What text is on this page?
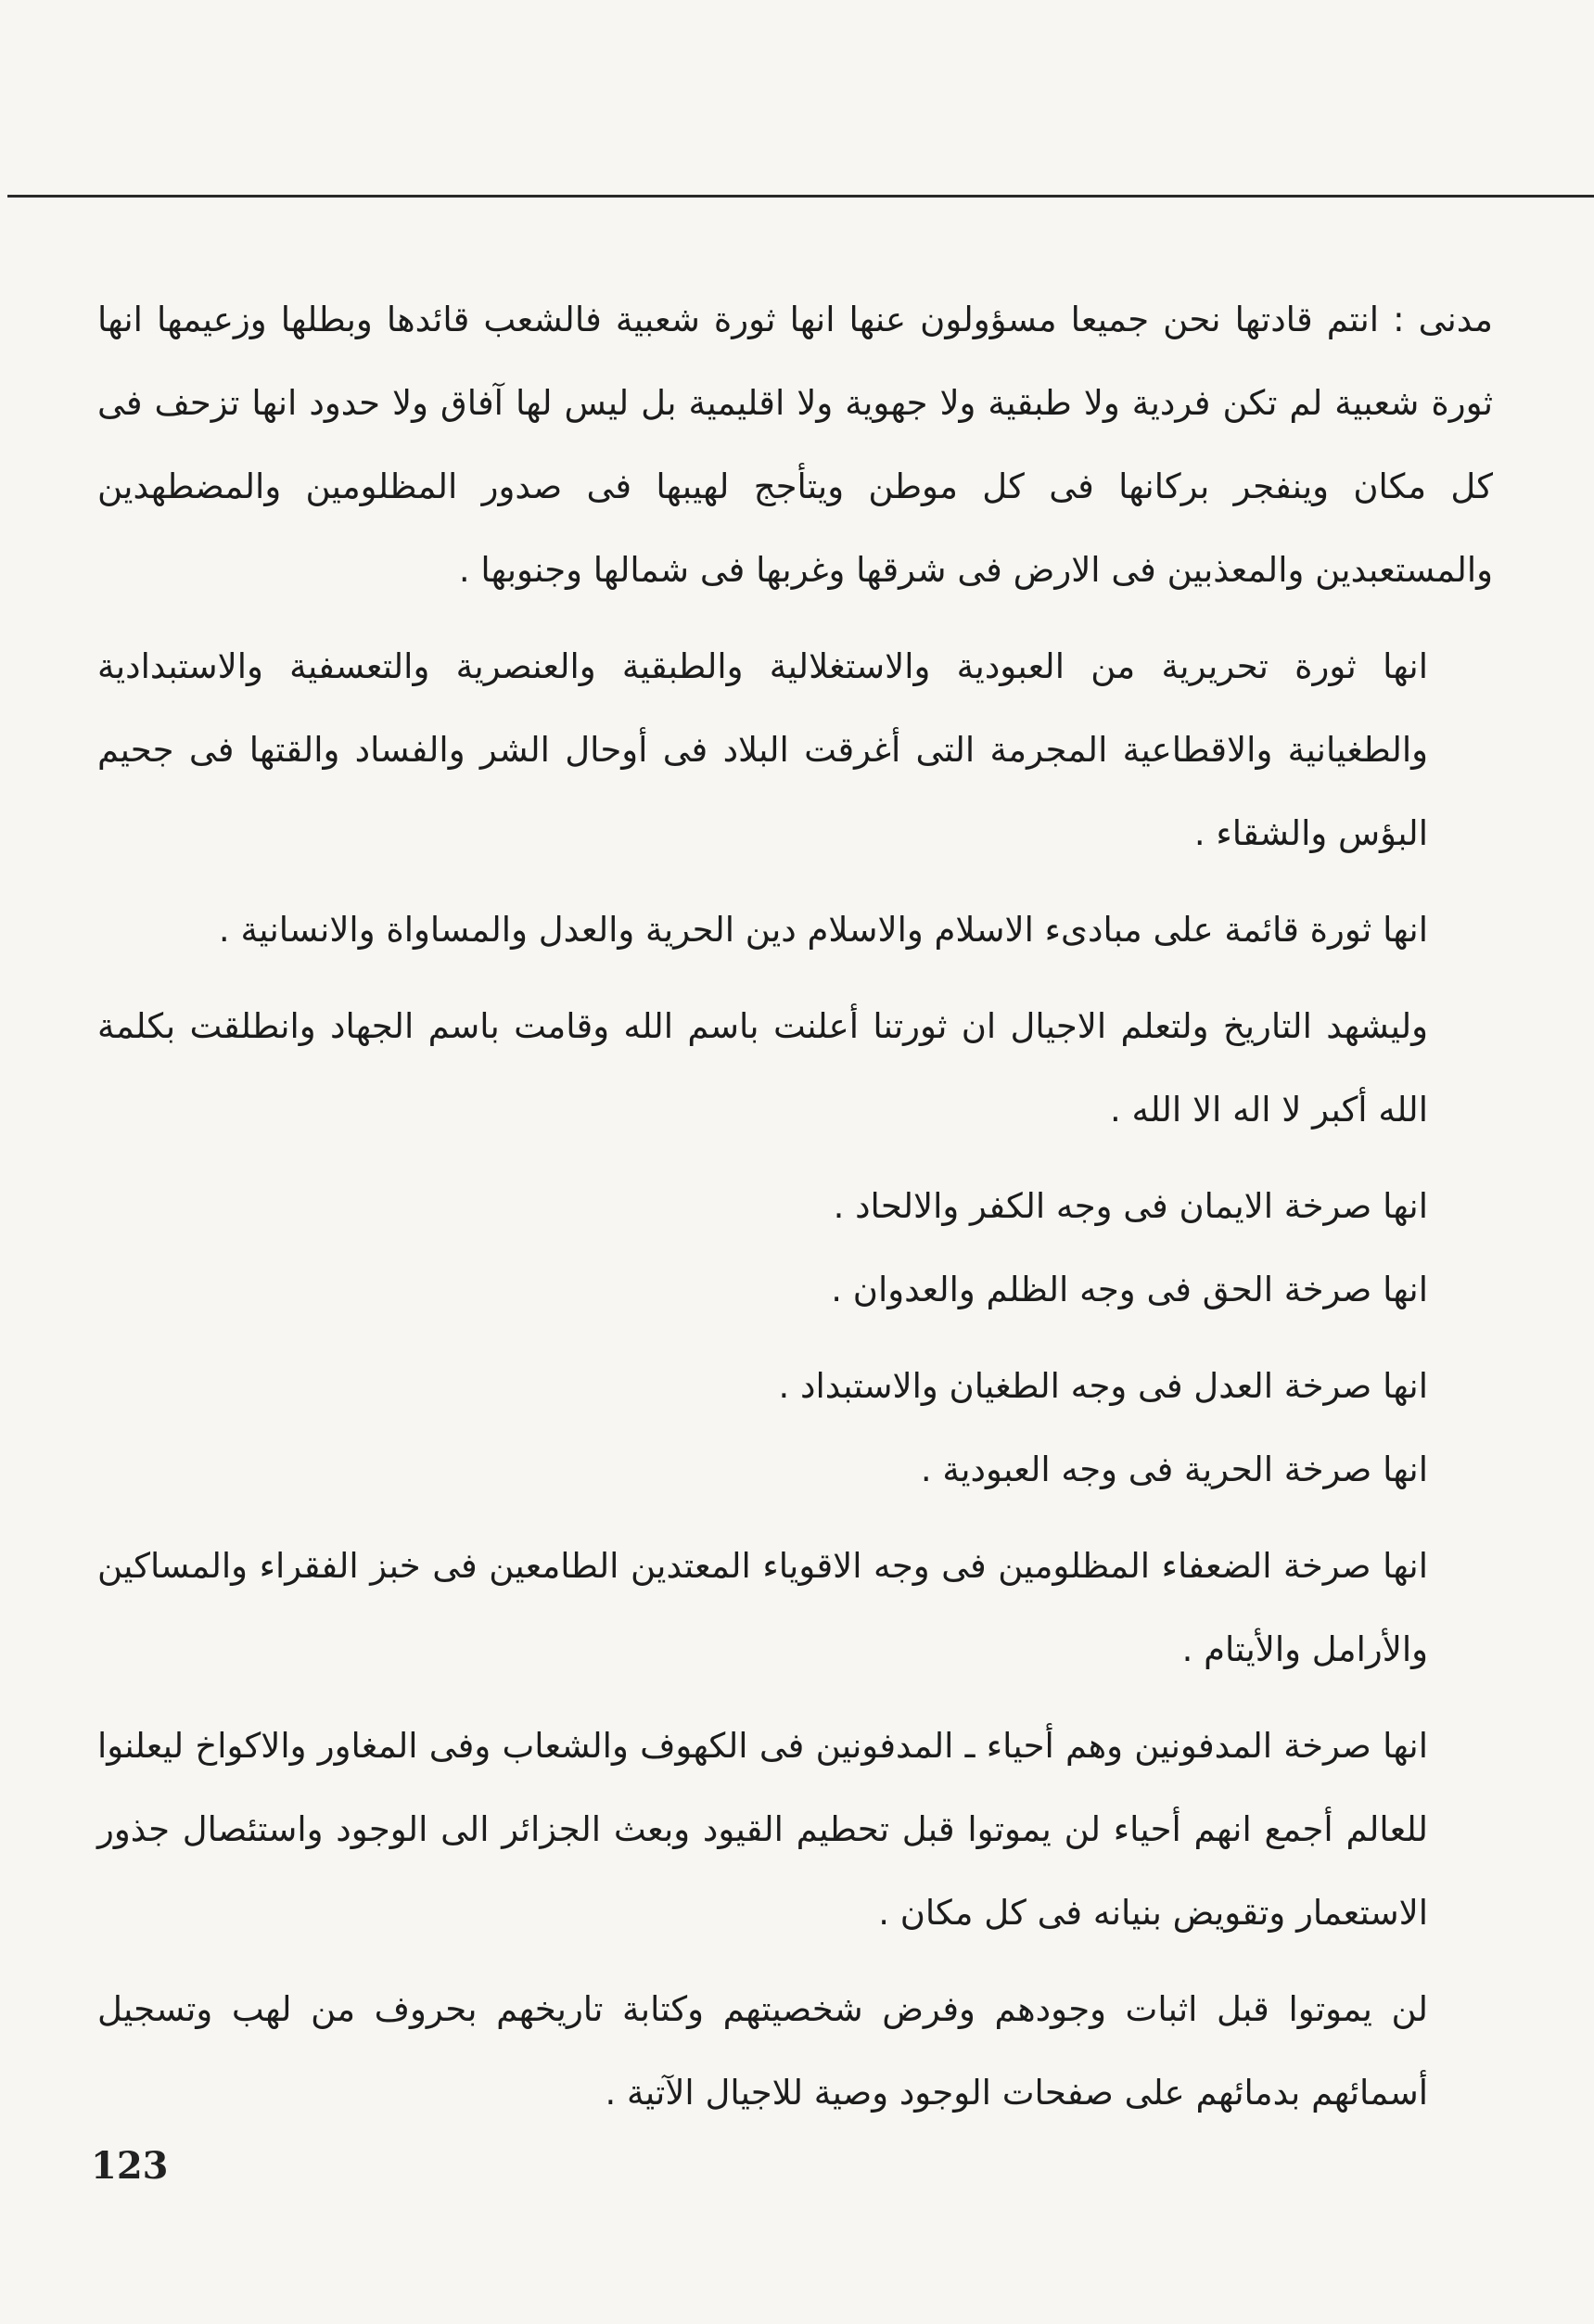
مدنى : انتم قادتها نحن جميعا مسؤولون عنها انها ثورة شعبية فالشعب قائدها وبطلها وزعيمها انها ثورة شعبية لم تكن فردية ولا طبقية ولا جهوية ولا اقليمية بل ليس لها آفاق ولا حدود انها تزحف فى كل مكان وينفجر بركانها فى كل موطن ويتأجج لهيبها فى صدور المظلومين والمضطهدين والمستعبدين والمعذبين فى الارض فى شرقها وغربها فى شمالها وجنوبها .

انها ثورة تحريرية من العبودية والاستغلالية والطبقية والعنصرية والتعسفية والاستبدادية والطغيانية والاقطاعية المجرمة التى أغرقت البلاد فى أوحال الشر والفساد والقتها فى جحيم البؤس والشقاء .

انها ثورة قائمة على مبادىء الاسلام والاسلام دين الحرية والعدل والمساواة والانسانية .

وليشهد التاريخ ولتعلم الاجيال ان ثورتنا أعلنت باسم الله وقامت باسم الجهاد وانطلقت بكلمة الله أكبر لا اله الا الله .

انها صرخة الايمان فى وجه الكفر والالحاد .
انها صرخة الحق فى وجه الظلم والعدوان .
انها صرخة العدل فى وجه الطغيان والاستبداد .
انها صرخة الحرية فى وجه العبودية .

انها صرخة الضعفاء المظلومين فى وجه الاقوياء المعتدين الطامعين فى خبز الفقراء والمساكين والأرامل والأيتام .

انها صرخة المدفونين وهم أحياء ـ المدفونين فى الكهوف والشعاب وفى المغاور والاكواخ ليعلنوا للعالم أجمع انهم أحياء لن يموتوا قبل تحطيم القيود وبعث الجزائر الى الوجود واستئصال جذور الاستعمار وتقويض بنيانه فى كل مكان .

لن يموتوا قبل اثبات وجودهم وفرض شخصيتهم وكتابة تاريخهم بحروف من لهب وتسجيل أسمائهم بدمائهم على صفحات الوجود وصية للاجيال الآتية .

123
